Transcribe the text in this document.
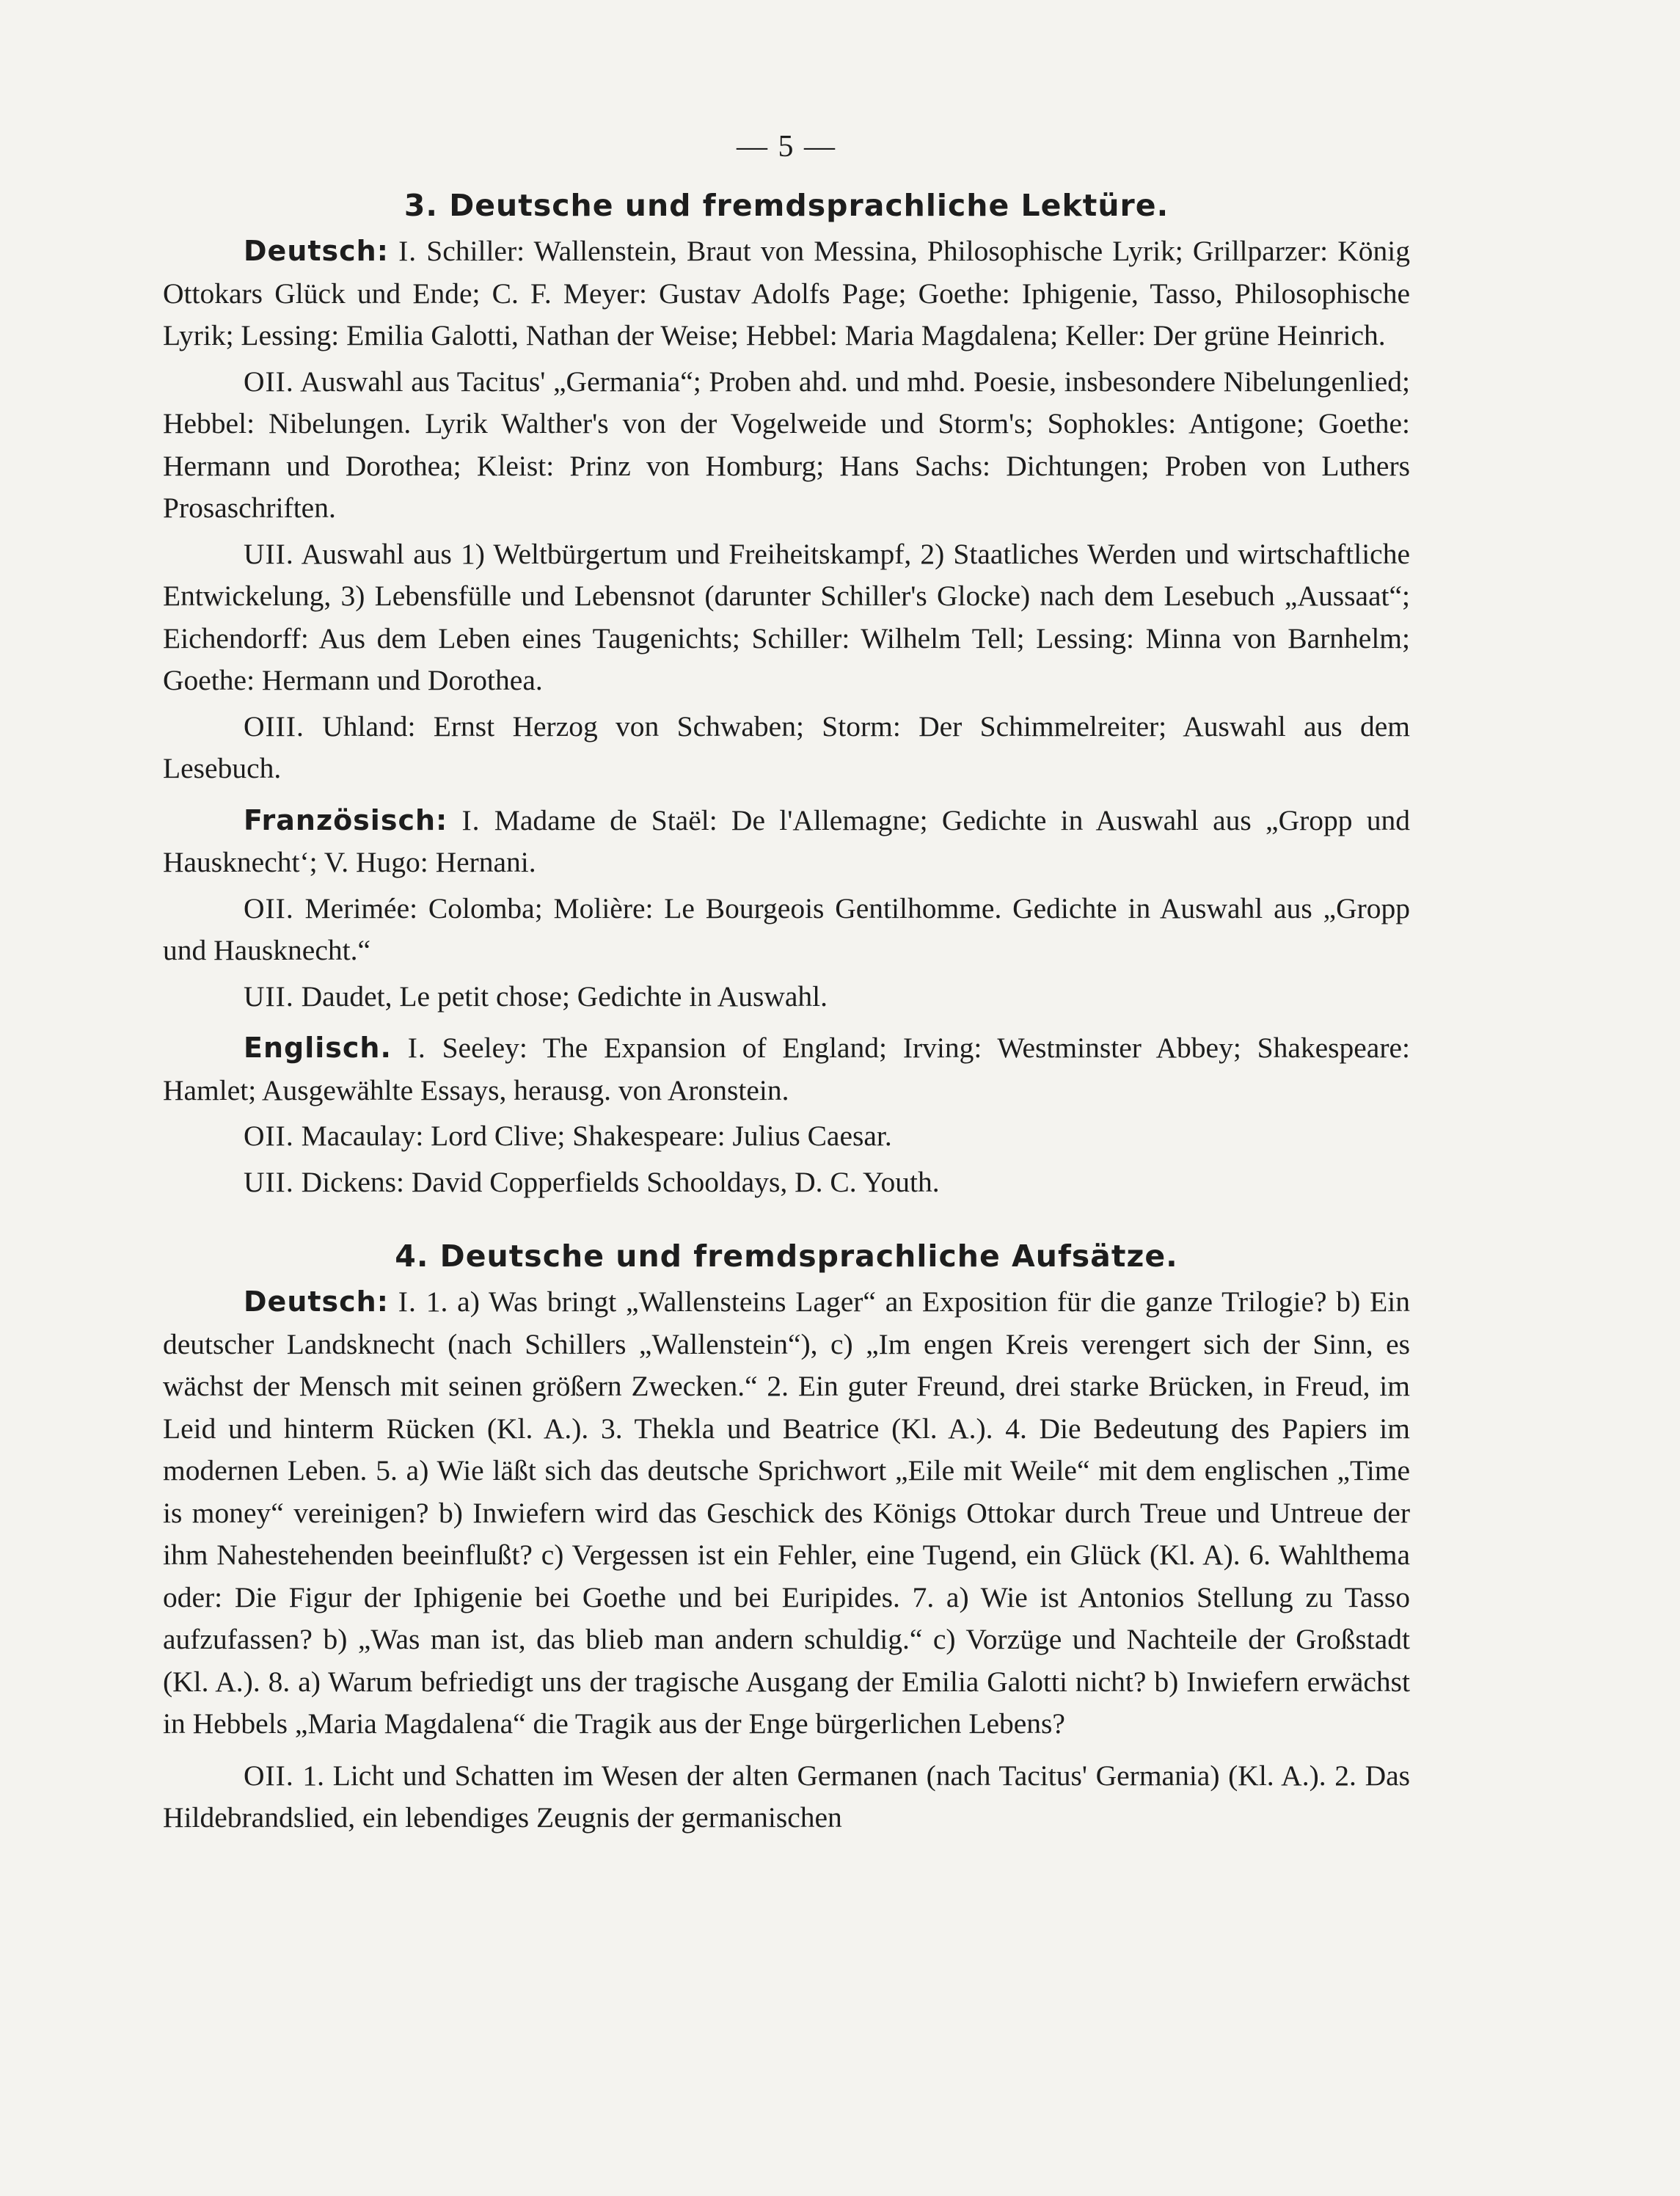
— 5 —
3. Deutsche und fremdsprachliche Lektüre.

Deutsch: I. Schiller: Wallenstein, Braut von Messina, Philosophische Lyrik; Grillparzer: König Ottokars Glück und Ende; C. F. Meyer: Gustav Adolfs Page; Goethe: Iphigenie, Tasso, Philosophische Lyrik; Lessing: Emilia Galotti, Nathan der Weise; Hebbel: Maria Magdalena; Keller: Der grüne Heinrich.

OII. Auswahl aus Tacitus' „Germania“; Proben ahd. und mhd. Poesie, insbesondere Nibelungenlied; Hebbel: Nibelungen. Lyrik Walther's von der Vogelweide und Storm's; Sophokles: Antigone; Goethe: Hermann und Dorothea; Kleist: Prinz von Homburg; Hans Sachs: Dichtungen; Proben von Luthers Prosaschriften.

UII. Auswahl aus 1) Weltbürgertum und Freiheitskampf, 2) Staatliches Werden und wirtschaftliche Entwickelung, 3) Lebensfülle und Lebensnot (darunter Schiller's Glocke) nach dem Lesebuch „Aussaat“; Eichendorff: Aus dem Leben eines Taugenichts; Schiller: Wilhelm Tell; Lessing: Minna von Barnhelm; Goethe: Hermann und Dorothea.

OIII. Uhland: Ernst Herzog von Schwaben; Storm: Der Schimmelreiter; Auswahl aus dem Lesebuch.

Französisch: I. Madame de Staël: De l'Allemagne; Gedichte in Auswahl aus „Gropp und Hausknecht‘; V. Hugo: Hernani.

OII. Merimée: Colomba; Molière: Le Bourgeois Gentilhomme. Gedichte in Auswahl aus „Gropp und Hausknecht.“

UII. Daudet, Le petit chose; Gedichte in Auswahl.

Englisch. I. Seeley: The Expansion of England; Irving: Westminster Abbey; Shakespeare: Hamlet; Ausgewählte Essays, herausg. von Aronstein.

OII. Macaulay: Lord Clive; Shakespeare: Julius Caesar.

UII. Dickens: David Copperfields Schooldays, D. C. Youth.

4. Deutsche und fremdsprachliche Aufsätze.

Deutsch: I. 1. a) Was bringt „Wallensteins Lager“ an Exposition für die ganze Trilogie? b) Ein deutscher Landsknecht (nach Schillers „Wallenstein“), c) „Im engen Kreis verengert sich der Sinn, es wächst der Mensch mit seinen größern Zwecken.“ 2. Ein guter Freund, drei starke Brücken, in Freud, im Leid und hinterm Rücken (Kl. A.). 3. Thekla und Beatrice (Kl. A.). 4. Die Bedeutung des Papiers im modernen Leben. 5. a) Wie läßt sich das deutsche Sprichwort „Eile mit Weile“ mit dem englischen „Time is money“ vereinigen? b) Inwiefern wird das Geschick des Königs Ottokar durch Treue und Untreue der ihm Nahestehenden beeinflußt? c) Vergessen ist ein Fehler, eine Tugend, ein Glück (Kl. A). 6. Wahlthema oder: Die Figur der Iphigenie bei Goethe und bei Euripides. 7. a) Wie ist Antonios Stellung zu Tasso aufzufassen? b) „Was man ist, das blieb man andern schuldig.“ c) Vorzüge und Nachteile der Großstadt (Kl. A.). 8. a) Warum befriedigt uns der tragische Ausgang der Emilia Galotti nicht? b) Inwiefern erwächst in Hebbels „Maria Magdalena“ die Tragik aus der Enge bürgerlichen Lebens?

OII. 1. Licht und Schatten im Wesen der alten Germanen (nach Tacitus' Germania) (Kl. A.). 2. Das Hildebrandslied, ein lebendiges Zeugnis der germanischen
